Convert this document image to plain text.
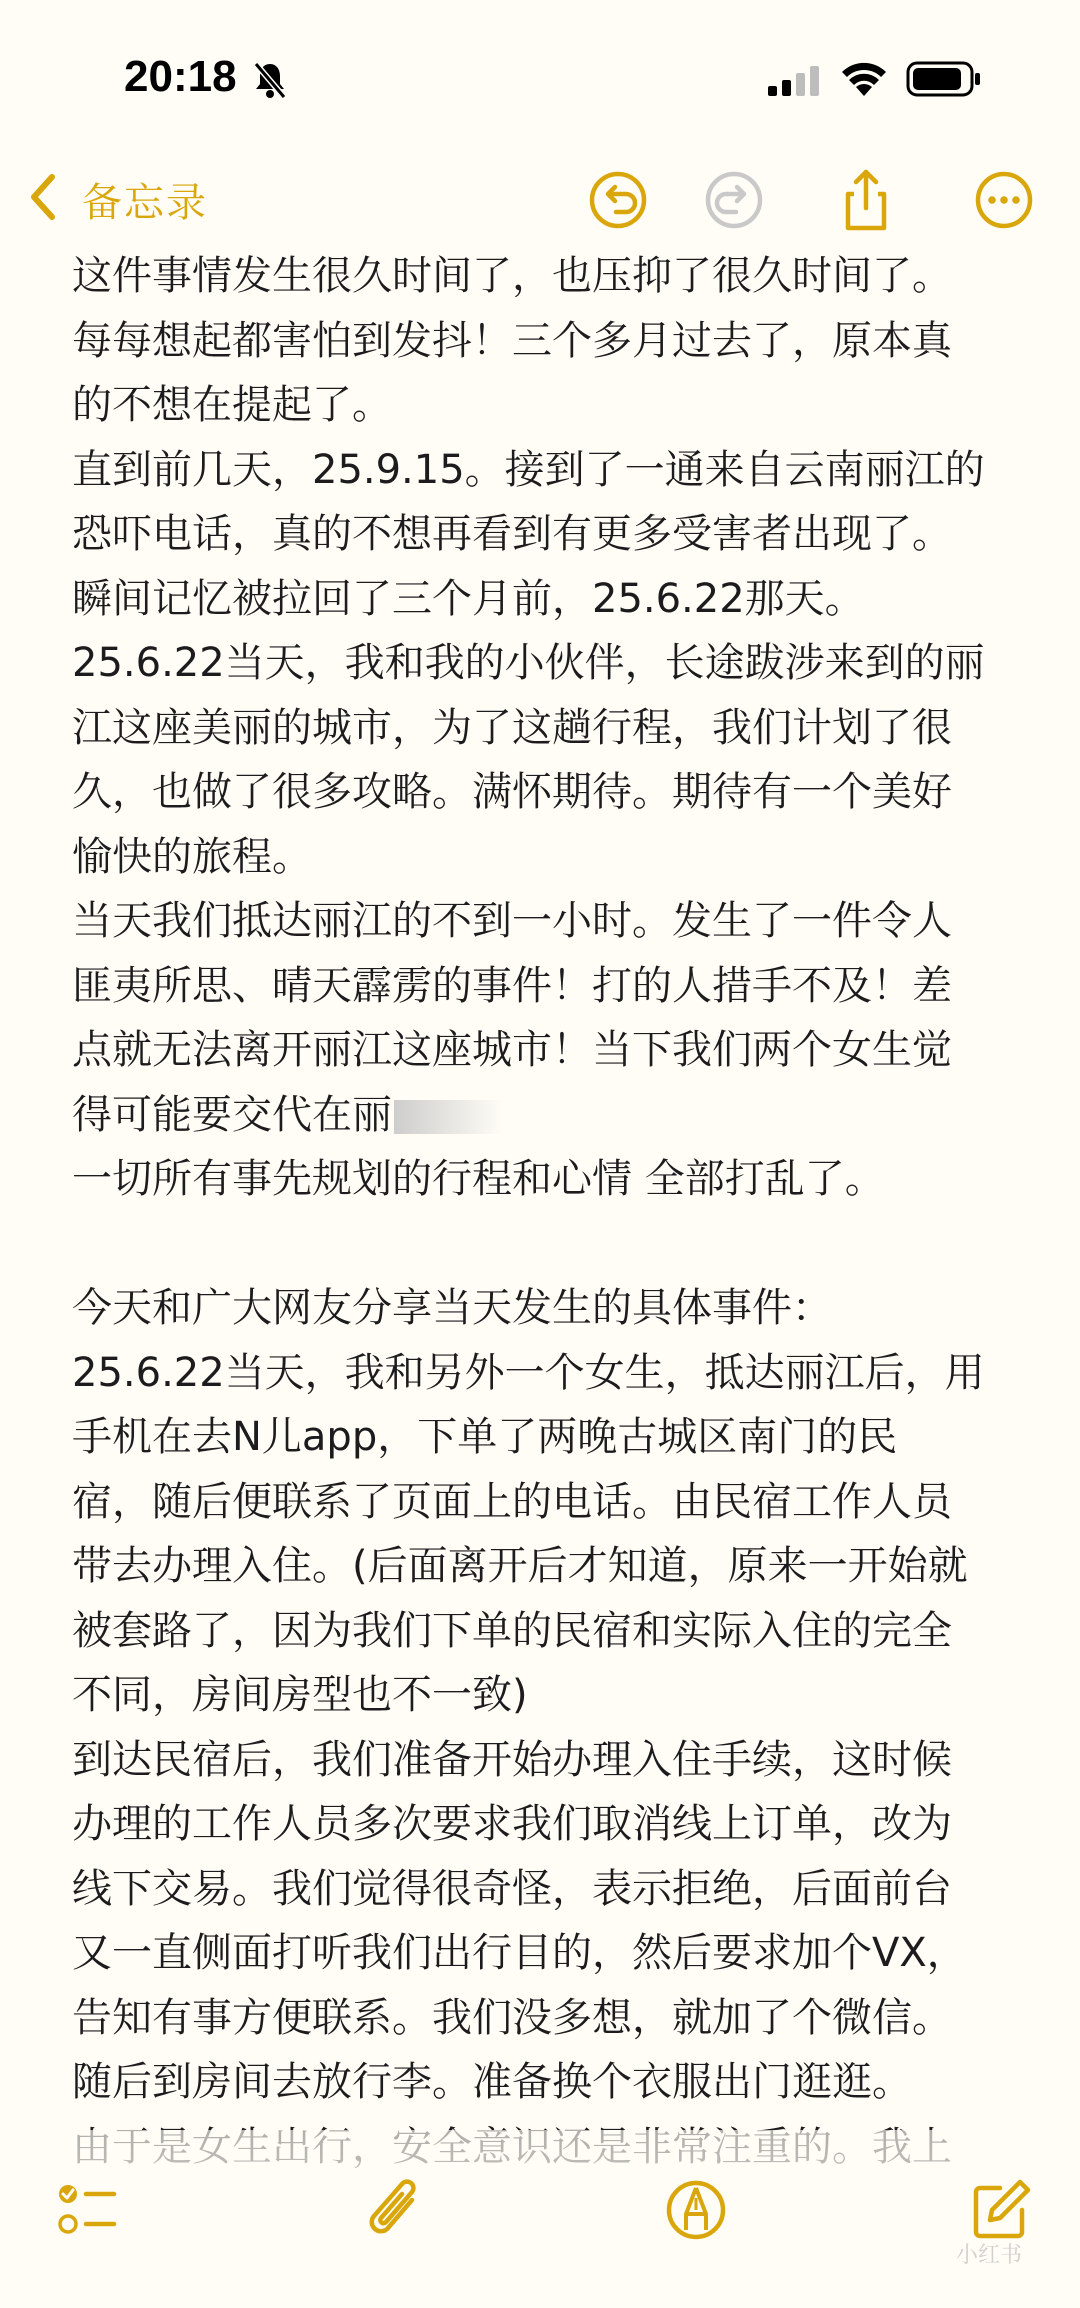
20:18
备忘录
这件事情发生很久时间了，也压抑了很久时间了。
每每想起都害怕到发抖！三个多月过去了，原本真
的不想在提起了。
直到前几天，25.9.15。接到了一通来自云南丽江的
恐吓电话，真的不想再看到有更多受害者出现了。
瞬间记忆被拉回了三个月前，25.6.22那天。
25.6.22当天，我和我的小伙伴，长途跋涉来到的丽
江这座美丽的城市，为了这趟行程，我们计划了很
久，也做了很多攻略。满怀期待。期待有一个美好
愉快的旅程。
当天我们抵达丽江的不到一小时。发生了一件令人
匪夷所思、晴天霹雳的事件！打的人措手不及！差
点就无法离开丽江这座城市！当下我们两个女生觉
得可能要交代在丽
一切所有事先规划的行程和心情 全部打乱了。
今天和广大网友分享当天发生的具体事件：
25.6.22当天，我和另外一个女生，抵达丽江后，用
手机在去N儿app，下单了两晚古城区南门的民
宿，随后便联系了页面上的电话。由民宿工作人员
带去办理入住。(后面离开后才知道，原来一开始就
被套路了，因为我们下单的民宿和实际入住的完全
不同，房间房型也不一致)
到达民宿后，我们准备开始办理入住手续，这时候
办理的工作人员多次要求我们取消线上订单，改为
线下交易。我们觉得很奇怪，表示拒绝，后面前台
又一直侧面打听我们出行目的，然后要求加个VX，
告知有事方便联系。我们没多想，就加了个微信。
随后到房间去放行李。准备换个衣服出门逛逛。
小红书
